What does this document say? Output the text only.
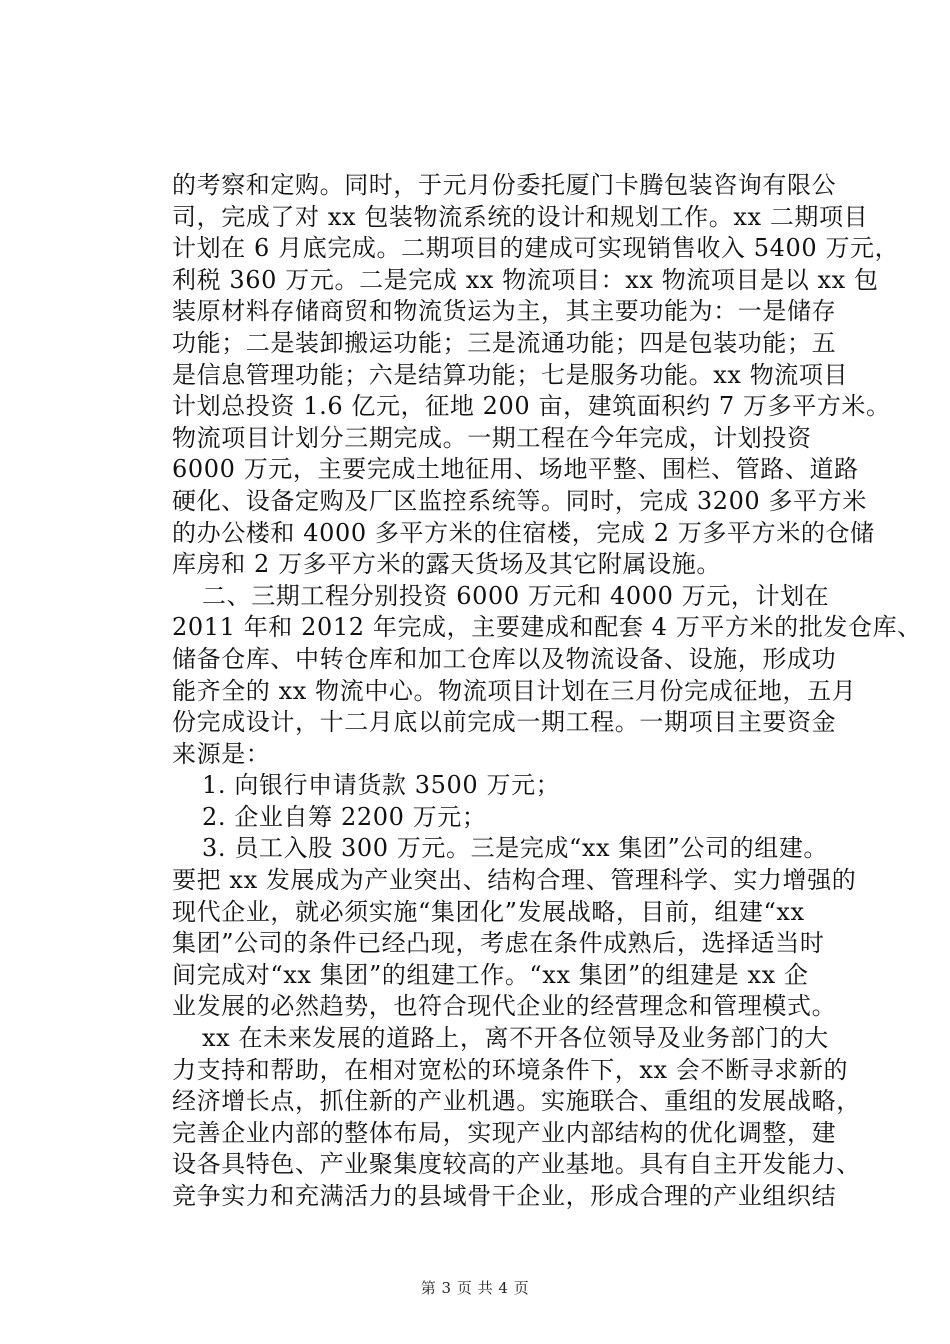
的考察和定购。同时，于元月份委托厦门卡腾包装咨询有限公
司，完成了对 xx 包装物流系统的设计和规划工作。xx 二期项目
计划在 6 月底完成。二期项目的建成可实现销售收入 5400 万元，
利税 360 万元。二是完成 xx 物流项目：xx 物流项目是以 xx 包
装原材料存储商贸和物流货运为主，其主要功能为：一是储存
功能；二是装卸搬运功能；三是流通功能；四是包装功能；五
是信息管理功能；六是结算功能；七是服务功能。xx 物流项目
计划总投资 1.6 亿元，征地 200 亩，建筑面积约 7 万多平方米。
物流项目计划分三期完成。一期工程在今年完成，计划投资
6000 万元，主要完成土地征用、场地平整、围栏、管路、道路
硬化、设备定购及厂区监控系统等。同时，完成 3200 多平方米
的办公楼和 4000 多平方米的住宿楼，完成 2 万多平方米的仓储
库房和 2 万多平方米的露天货场及其它附属设施。
二、三期工程分别投资 6000 万元和 4000 万元，计划在
2011 年和 2012 年完成，主要建成和配套 4 万平方米的批发仓库、
储备仓库、中转仓库和加工仓库以及物流设备、设施，形成功
能齐全的 xx 物流中心。物流项目计划在三月份完成征地，五月
份完成设计，十二月底以前完成一期工程。一期项目主要资金
来源是：
1. 向银行申请货款 3500 万元；
2. 企业自筹 2200 万元；
3. 员工入股 300 万元。三是完成“xx 集团”公司的组建。
要把 xx 发展成为产业突出、结构合理、管理科学、实力增强的
现代企业，就必须实施“集团化”发展战略，目前，组建“xx
集团”公司的条件已经凸现，考虑在条件成熟后，选择适当时
间完成对“xx 集团”的组建工作。“xx 集团”的组建是 xx 企
业发展的必然趋势，也符合现代企业的经营理念和管理模式。
xx 在未来发展的道路上，离不开各位领导及业务部门的大
力支持和帮助，在相对宽松的环境条件下，xx 会不断寻求新的
经济增长点，抓住新的产业机遇。实施联合、重组的发展战略，
完善企业内部的整体布局，实现产业内部结构的优化调整，建
设各具特色、产业聚集度较高的产业基地。具有自主开发能力、
竞争实力和充满活力的县域骨干企业，形成合理的产业组织结
第 3 页 共 4 页
